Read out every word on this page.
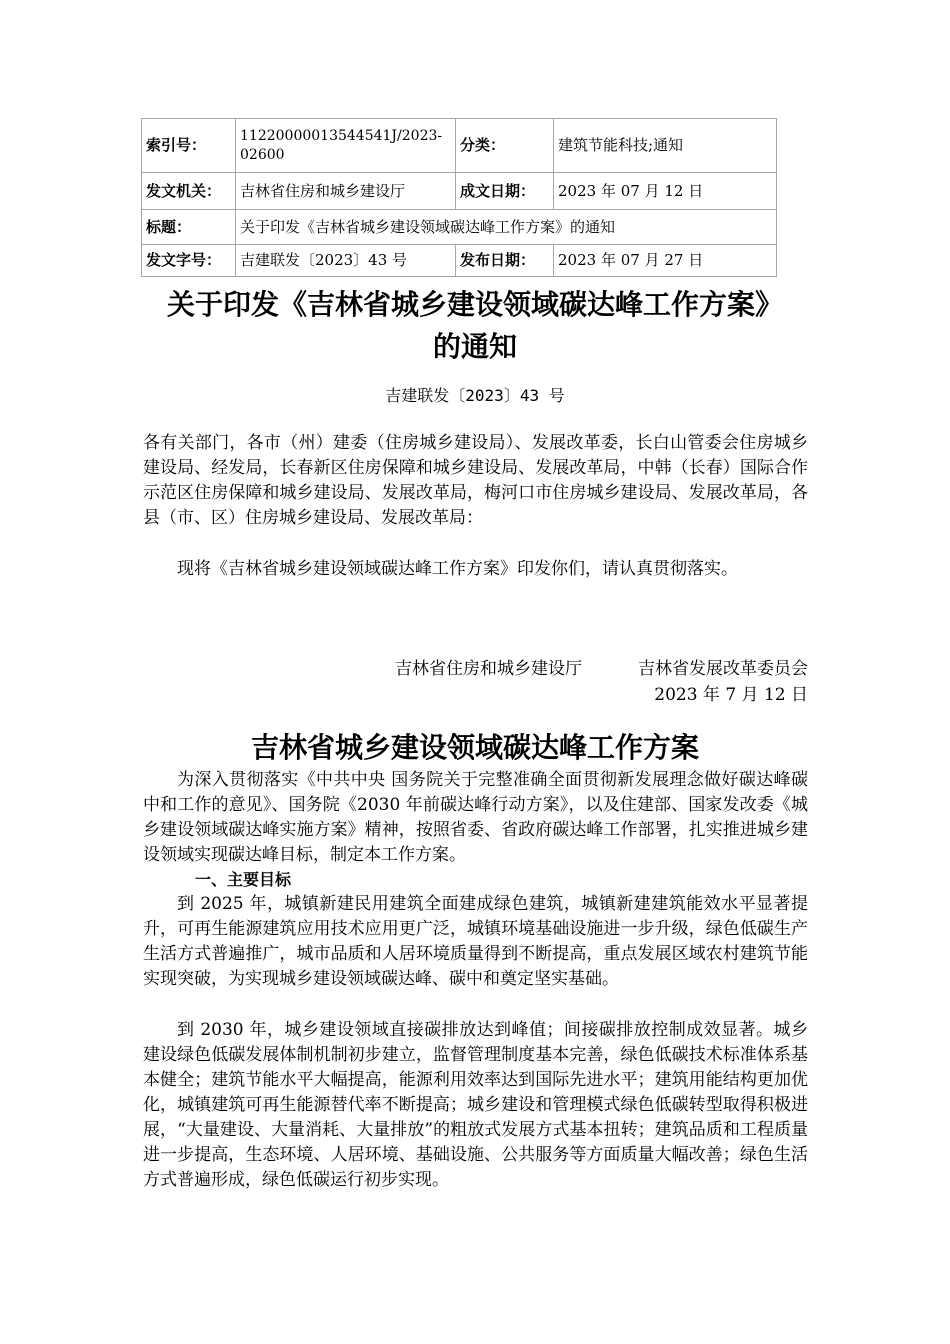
索引号：	11220000013544541J/2023-02600	分类：	建筑节能科技;通知
发文机关：	吉林省住房和城乡建设厅	成文日期：	2023 年 07 月 12 日
标题：	关于印发《吉林省城乡建设领域碳达峰工作方案》的通知		
发文字号：	吉建联发〔2023〕43 号	发布日期：	2023 年 07 月 27 日
关于印发《吉林省城乡建设领域碳达峰工作方案》
的通知

吉建联发〔2023〕43 号

各有关部门，各市（州）建委（住房城乡建设局）、发展改革委，长白山管委会住房城乡建设局、经发局，长春新区住房保障和城乡建设局、发展改革局，中韩（长春）国际合作示范区住房保障和城乡建设局、发展改革局，梅河口市住房城乡建设局、发展改革局，各县（市、区）住房城乡建设局、发展改革局：

现将《吉林省城乡建设领域碳达峰工作方案》印发你们，请认真贯彻落实。

吉林省住房和城乡建设厅	吉林省发展改革委员会
2023 年 7 月 12 日
吉林省城乡建设领域碳达峰工作方案

为深入贯彻落实《中共中央 国务院关于完整准确全面贯彻新发展理念做好碳达峰碳中和工作的意见》、国务院《2030 年前碳达峰行动方案》，以及住建部、国家发改委《城乡建设领域碳达峰实施方案》精神，按照省委、省政府碳达峰工作部署，扎实推进城乡建设领域实现碳达峰目标，制定本工作方案。

一、主要目标

到 2025 年，城镇新建民用建筑全面建成绿色建筑，城镇新建建筑能效水平显著提升，可再生能源建筑应用技术应用更广泛，城镇环境基础设施进一步升级，绿色低碳生产生活方式普遍推广，城市品质和人居环境质量得到不断提高，重点发展区域农村建筑节能实现突破，为实现城乡建设领域碳达峰、碳中和奠定坚实基础。

到 2030 年，城乡建设领域直接碳排放达到峰值；间接碳排放控制成效显著。城乡建设绿色低碳发展体制机制初步建立，监督管理制度基本完善，绿色低碳技术标准体系基本健全；建筑节能水平大幅提高，能源利用效率达到国际先进水平；建筑用能结构更加优化，城镇建筑可再生能源替代率不断提高；城乡建设和管理模式绿色低碳转型取得积极进展，“大量建设、大量消耗、大量排放”的粗放式发展方式基本扭转；建筑品质和工程质量进一步提高，生态环境、人居环境、基础设施、公共服务等方面质量大幅改善；绿色生活方式普遍形成，绿色低碳运行初步实现。
